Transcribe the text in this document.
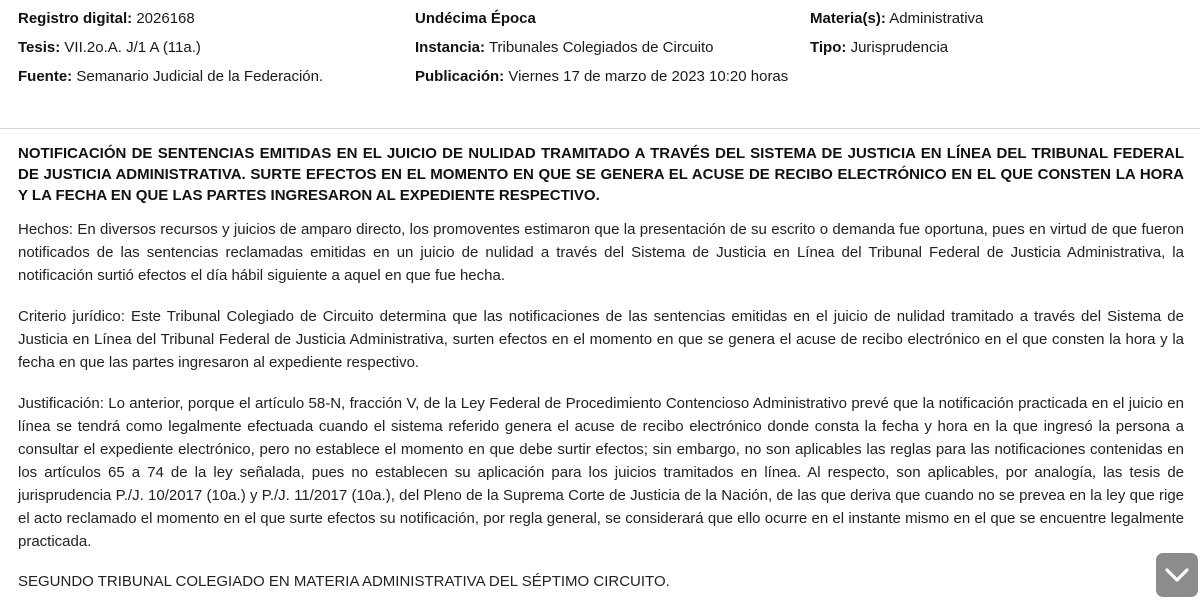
Registro digital: 2026168
Tesis: VII.2o.A. J/1 A (11a.)
Fuente: Semanario Judicial de la Federación.
Undécima Época
Instancia: Tribunales Colegiados de Circuito
Publicación: Viernes 17 de marzo de 2023 10:20 horas
Materia(s): Administrativa
Tipo: Jurisprudencia

NOTIFICACIÓN DE SENTENCIAS EMITIDAS EN EL JUICIO DE NULIDAD TRAMITADO A TRAVÉS DEL SISTEMA DE JUSTICIA EN LÍNEA DEL TRIBUNAL FEDERAL DE JUSTICIA ADMINISTRATIVA. SURTE EFECTOS EN EL MOMENTO EN QUE SE GENERA EL ACUSE DE RECIBO ELECTRÓNICO EN EL QUE CONSTEN LA HORA Y LA FECHA EN QUE LAS PARTES INGRESARON AL EXPEDIENTE RESPECTIVO.

Hechos: En diversos recursos y juicios de amparo directo, los promoventes estimaron que la presentación de su escrito o demanda fue oportuna, pues en virtud de que fueron notificados de las sentencias reclamadas emitidas en un juicio de nulidad a través del Sistema de Justicia en Línea del Tribunal Federal de Justicia Administrativa, la notificación surtió efectos el día hábil siguiente a aquel en que fue hecha.

Criterio jurídico: Este Tribunal Colegiado de Circuito determina que las notificaciones de las sentencias emitidas en el juicio de nulidad tramitado a través del Sistema de Justicia en Línea del Tribunal Federal de Justicia Administrativa, surten efectos en el momento en que se genera el acuse de recibo electrónico en el que consten la hora y la fecha en que las partes ingresaron al expediente respectivo.

Justificación: Lo anterior, porque el artículo 58-N, fracción V, de la Ley Federal de Procedimiento Contencioso Administrativo prevé que la notificación practicada en el juicio en línea se tendrá como legalmente efectuada cuando el sistema referido genera el acuse de recibo electrónico donde consta la fecha y hora en la que ingresó la persona a consultar el expediente electrónico, pero no establece el momento en que debe surtir efectos; sin embargo, no son aplicables las reglas para las notificaciones contenidas en los artículos 65 a 74 de la ley señalada, pues no establecen su aplicación para los juicios tramitados en línea. Al respecto, son aplicables, por analogía, las tesis de jurisprudencia P./J. 10/2017 (10a.) y P./J. 11/2017 (10a.), del Pleno de la Suprema Corte de Justicia de la Nación, de las que deriva que cuando no se prevea en la ley que rige el acto reclamado el momento en el que surte efectos su notificación, por regla general, se considerará que ello ocurre en el instante mismo en el que se encuentre legalmente practicada.

SEGUNDO TRIBUNAL COLEGIADO EN MATERIA ADMINISTRATIVA DEL SÉPTIMO CIRCUITO.
